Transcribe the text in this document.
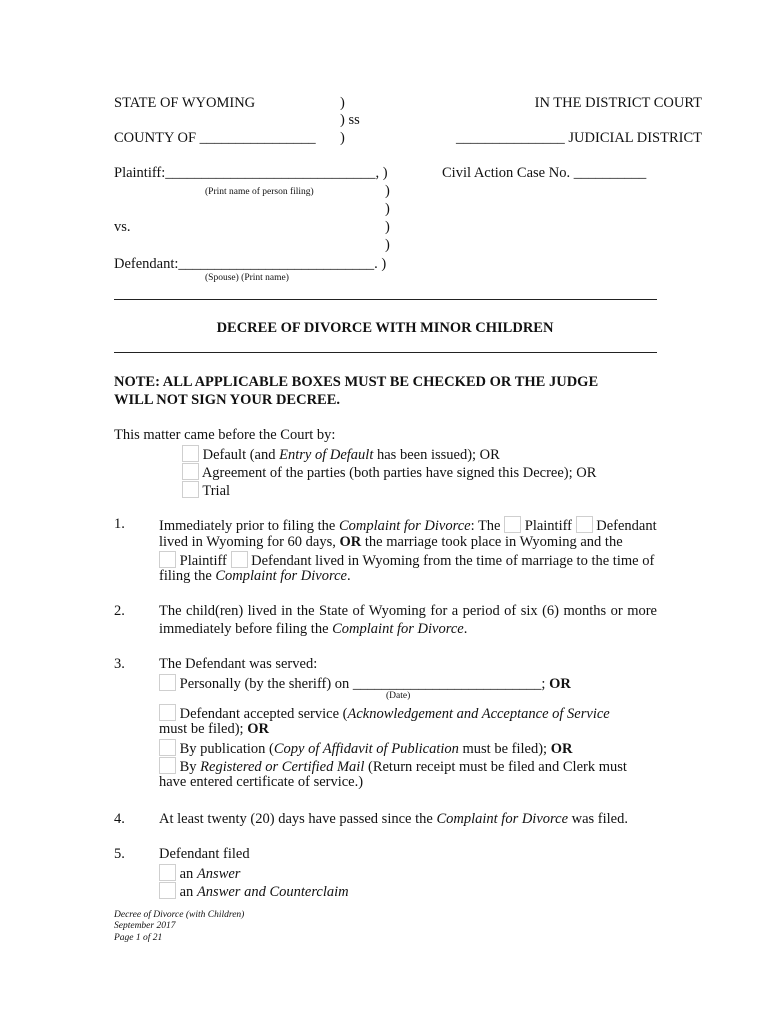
STATE OF WYOMING	)
) ss
)
COUNTY OF ________________
IN THE DISTRICT COURT
_______________ JUDICIAL DISTRICT
Plaintiff:_____________________________, )
(Print name of person filing)
Civil Action Case No. __________
)
)
vs.	)
)
Defendant:___________________________. )
(Spouse) (Print name)
DECREE OF DIVORCE WITH MINOR CHILDREN
NOTE: ALL APPLICABLE BOXES MUST BE CHECKED OR THE JUDGE
WILL NOT SIGN YOUR DECREE.
This matter came before the Court by:
Default (and Entry of Default has been issued); OR
Agreement of the parties (both parties have signed this Decree); OR
Trial
1. Immediately prior to filing the Complaint for Divorce: The  Plaintiff Defendant
lived in Wyoming for 60 days, OR the marriage took place in Wyoming and the
Plaintiff Defendant lived in Wyoming from the time of marriage to the time of
filing the Complaint for Divorce.
2. The child(ren) lived in the State of Wyoming for a period of six (6) months or more immediately before filing the Complaint for Divorce.
3. The Defendant was served:
Personally (by the sheriff) on __________________________; OR
(Date)
Defendant accepted service (Acknowledgement and Acceptance of Service
must be filed); OR
By publication (Copy of Affidavit of Publication must be filed); OR
By Registered or Certified Mail (Return receipt must be filed and Clerk must
have entered certificate of service.)
4. At least twenty (20) days have passed since the Complaint for Divorce was filed.
5. Defendant filed
an Answer
an Answer and Counterclaim
Decree of Divorce (with Children)
September 2017
Page 1 of 21
